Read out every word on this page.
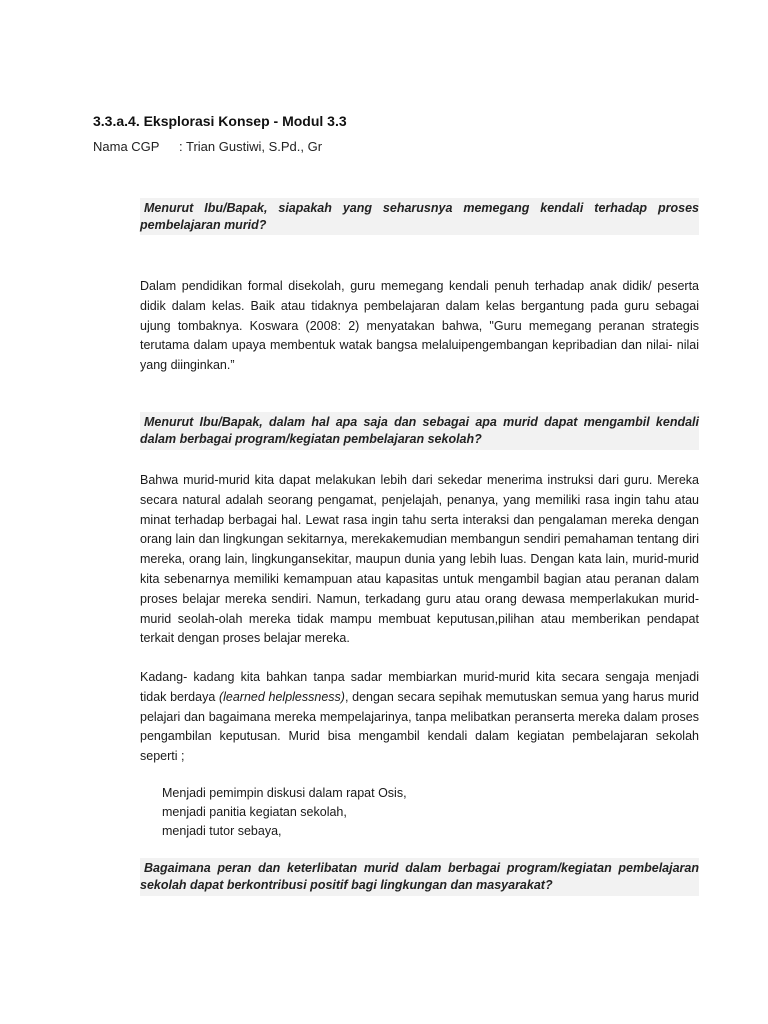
3.3.a.4. Eksplorasi Konsep - Modul 3.3
Nama CGP	: Trian Gustiwi, S.Pd., Gr

Menurut Ibu/Bapak, siapakah yang seharusnya memegang kendali terhadap proses pembelajaran murid?

Dalam pendidikan formal disekolah, guru memegang kendali penuh terhadap anak didik/ peserta didik dalam kelas. Baik atau tidaknya pembelajaran dalam kelas bergantung pada guru sebagai ujung tombaknya. Koswara (2008: 2) menyatakan bahwa, "Guru memegang peranan strategis terutama dalam upaya membentuk watak bangsa melaluipengembangan kepribadian dan nilai- nilai yang diinginkan.”

Menurut Ibu/Bapak, dalam hal apa saja dan sebagai apa murid dapat mengambil kendali dalam berbagai program/kegiatan pembelajaran sekolah?

Bahwa murid-murid kita dapat melakukan lebih dari sekedar menerima instruksi dari guru. Mereka secara natural adalah seorang pengamat, penjelajah, penanya, yang memiliki rasa ingin tahu atau minat terhadap berbagai hal. Lewat rasa ingin tahu serta interaksi dan pengalaman mereka dengan orang lain dan lingkungan sekitarnya, merekakemudian membangun sendiri pemahaman tentang diri mereka, orang lain, lingkungansekitar, maupun dunia yang lebih luas. Dengan kata lain, murid-murid kita sebenarnya memiliki kemampuan atau kapasitas untuk mengambil bagian atau peranan dalam proses belajar mereka sendiri. Namun, terkadang guru atau orang dewasa memperlakukan murid-murid seolah-olah mereka tidak mampu membuat keputusan,pilihan atau memberikan pendapat terkait dengan proses belajar mereka.

Kadang- kadang kita bahkan tanpa sadar membiarkan murid-murid kita secara sengaja menjadi tidak berdaya (learned helplessness), dengan secara sepihak memutuskan semua yang harus murid pelajari dan bagaimana mereka mempelajarinya, tanpa melibatkan peranserta mereka dalam proses pengambilan keputusan. Murid bisa mengambil kendali dalam kegiatan pembelajaran sekolah seperti ;

Menjadi pemimpin diskusi dalam rapat Osis,
menjadi panitia kegiatan sekolah,
menjadi tutor sebaya,

Bagaimana peran dan keterlibatan murid dalam berbagai program/kegiatan pembelajaran sekolah dapat berkontribusi positif bagi lingkungan dan masyarakat?
